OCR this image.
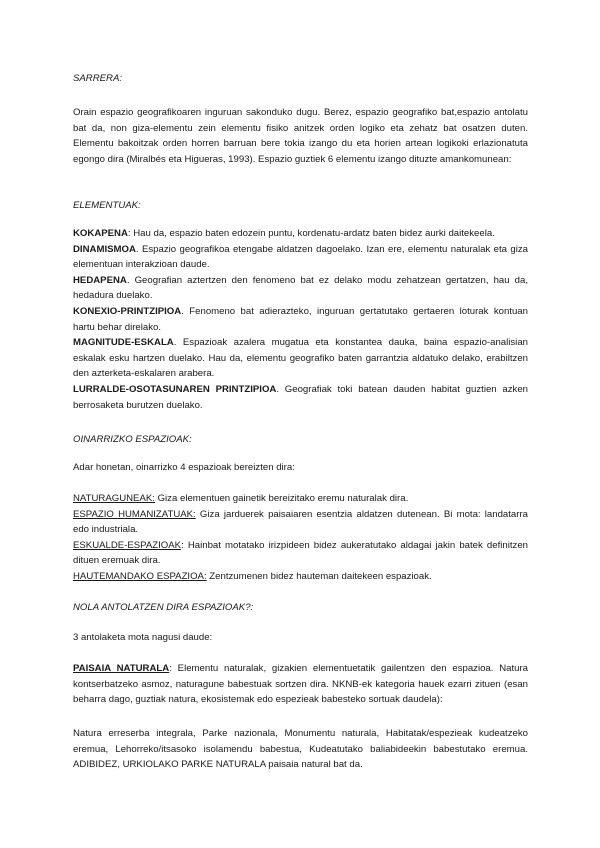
SARRERA:
Orain espazio geografikoaren inguruan sakonduko dugu. Berez, espazio geografiko bat,espazio antolatu bat da, non giza-elementu zein elementu fisiko anitzek orden logiko eta zehatz bat osatzen duten. Elementu bakoitzak orden horren barruan bere tokia izango du eta horien artean logikoki erlazionatuta egongo dira (Miralbés eta Higueras, 1993). Espazio guztiek 6 elementu izango dituzte amankomunean:
ELEMENTUAK:
KOKAPENA: Hau da, espazio baten edozein puntu, kordenatu-ardatz baten bidez aurki daitekeela.
DINAMISMOA. Espazio geografikoa etengabe aldatzen dagoelako. Izan ere, elementu naturalak eta giza elementuan interakzioan daude.
HEDAPENA. Geografian aztertzen den fenomeno bat ez delako modu zehatzean gertatzen, hau da, hedadura duelako.
KONEXIO-PRINTZIPIOA. Fenomeno bat adierazteko, inguruan gertatutako gertaeren loturak kontuan hartu behar direlako.
MAGNITUDE-ESKALA. Espazioak azalera mugatua eta konstantea dauka, baina espazio-analisian eskalak esku hartzen duelako. Hau da, elementu geografiko baten garrantzia aldatuko delako, erabiltzen den azterketa-eskalaren arabera.
LURRALDE-OSOTASUNAREN PRINTZIPIOA. Geografiak toki batean dauden habitat guztien azken berrosaketa burutzen duelako.
OINARRIZKO ESPAZIOAK:
Adar honetan, oinarrizko 4 espazioak bereizten dira:
NATURAGUNEAK: Giza elementuen gainetik bereizitako eremu naturalak dira.
ESPAZIO HUMANIZATUAK: Giza jarduerek paisaiaren esentzia aldatzen dutenean. Bi mota: landatarra edo industriala.
ESKUALDE-ESPAZIOAK: Hainbat motatako irizpideen bidez aukeratutako aldagai jakin batek definitzen dituen eremuak dira.
HAUTEMANDAKO ESPAZIOA: Zentzumenen bidez hauteman daitekeen espazioak.
NOLA ANTOLATZEN DIRA ESPAZIOAK?:
3 antolaketa mota nagusi daude:
PAISAIA NATURALA: Elementu naturalak, gizakien elementuetatik gailentzen den espazioa. Natura kontserbatzeko asmoz, naturagune babestuak sortzen dira. NKNB-ek kategoria hauek ezarri zituen (esan beharra dago, guztiak natura, ekosistemak edo espezieak babesteko sortuak daudela):
Natura erreserba integrala, Parke nazionala, Monumentu naturala, Habitatak/espezieak kudeatzeko eremua, Lehorreko/itsasoko isolamendu babestua, Kudeatutako baliabideekin babestutako eremua. ADIBIDEZ, URKIOLAKO PARKE NATURALA paisaia natural bat da.
